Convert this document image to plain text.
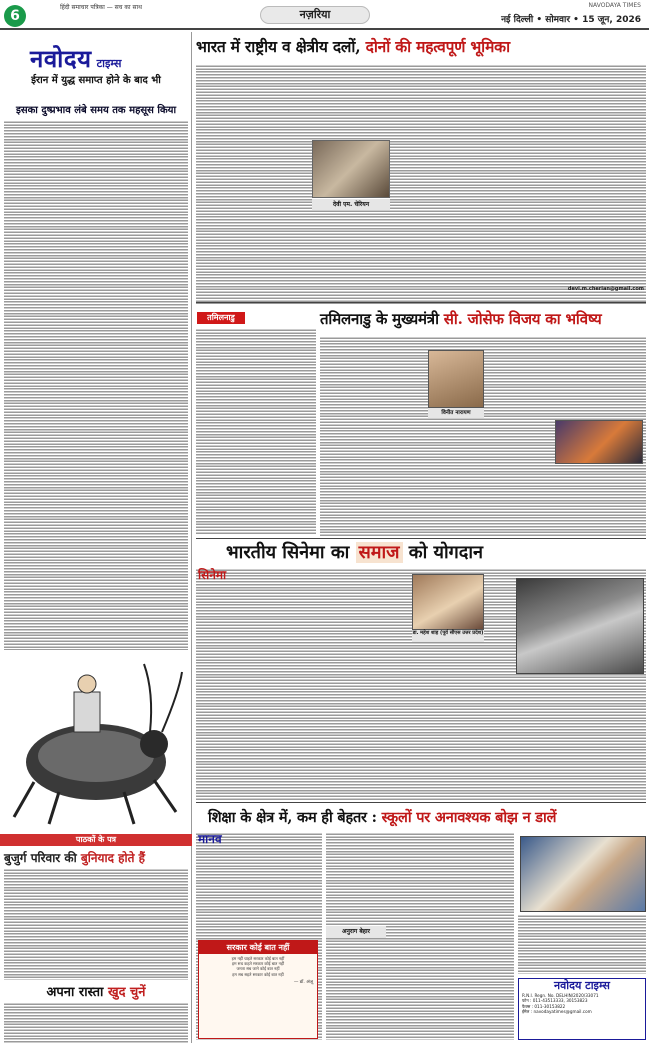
6
हिंदी समाचार पत्रिका — सच का साथ
नज़रिया
NAVODAYA TIMES
नई दिल्ली • सोमवार • 15 जून, 2026
नवोदय टाइम्स
ईरान में युद्ध समाप्त होने के बाद भी
इसका दुष्प्रभाव लंबे समय तक महसूस किया
पाठकों के पत्र
बुजुर्ग परिवार की बुनियाद होते हैं
अपना रास्ता खुद चुनें
भारत में राष्ट्रीय व क्षेत्रीय दलों, दोनों की महत्वपूर्ण भूमिका
देवी एम. चेरियन
devi.m.cherian@gmail.com
तमिलनाडु	तमिलनाडु के मुख्यमंत्री सी. जोसेफ विजय का भविष्य
विनीत नारायण
भारतीय सिनेमा का समाज को योगदान
सिनेमा
डा. महेश शाह (पूर्व सीएस उत्तर प्रदेश)
शिक्षा के क्षेत्र में, कम ही बेहतर : स्कूलों पर अनावश्यक बोझ न डालें
मानव
सरकार कोई बात नहीं
हम नहीं चाहते सरकार कोई बात नहीं
हम सच कहते सरकार कोई बात नहीं
जनता सब जाने कोई बात नहीं
हम सब सहते सरकार कोई बात नहीं
— डॉ. अंजू
अनुराग बेहार
नवोदय टाइम्स
R.N.I. Regn. No. DELHIN/2020/33071
फोन : 011-43513333, 30153823
फैक्स : 011-30153822
ईमेल : navodayatimes@gmail.com
